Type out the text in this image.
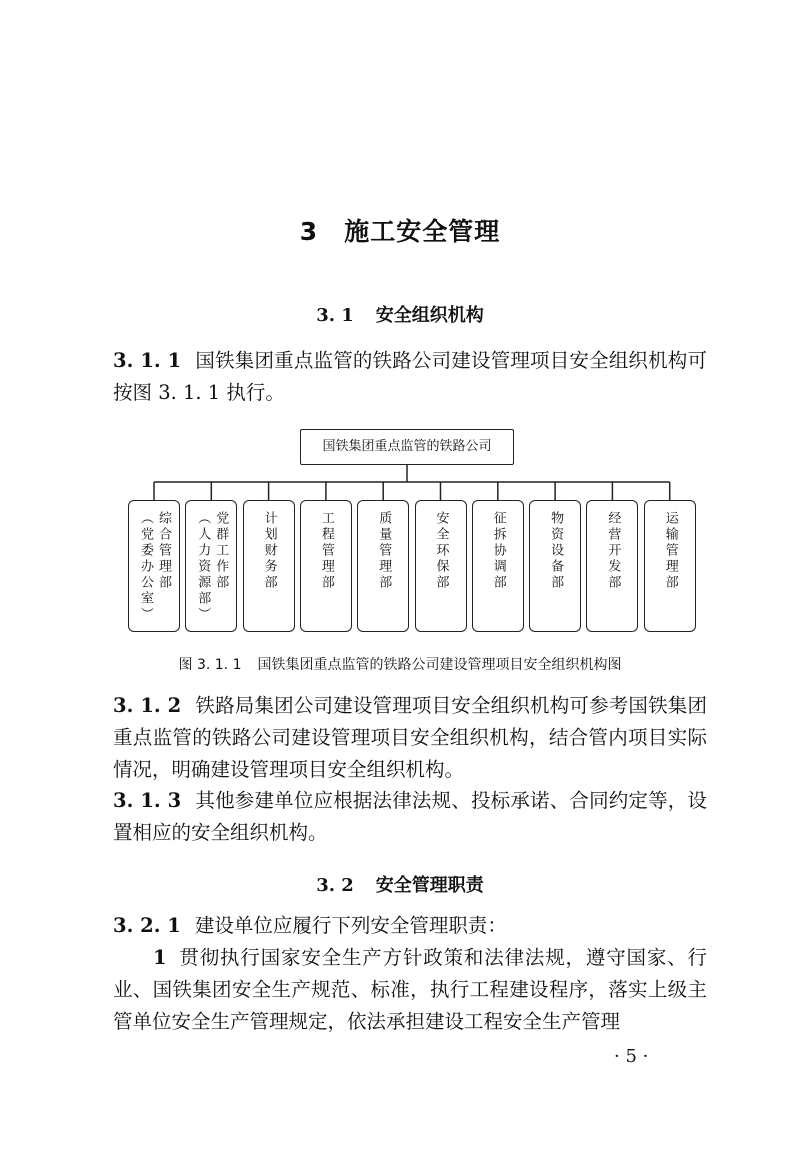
3 施工安全管理
3. 1 安全组织机构
3. 1. 1 国铁集团重点监管的铁路公司建设管理项目安全组织机构可按图 3. 1. 1 执行。
国铁集团重点监管的铁路公司
综合管理部
（党委办公室）	党群工作部
（人力资源部）	计划财务部	工程管理部	质量管理部	安全环保部	征拆协调部	物资设备部	经营开发部	运输管理部
图 3. 1. 1 国铁集团重点监管的铁路公司建设管理项目安全组织机构图
3. 1. 2 铁路局集团公司建设管理项目安全组织机构可参考国铁集团重点监管的铁路公司建设管理项目安全组织机构，结合管内项目实际情况，明确建设管理项目安全组织机构。
3. 1. 3 其他参建单位应根据法律法规、投标承诺、合同约定等，设置相应的安全组织机构。
3. 2 安全管理职责
3. 2. 1 建设单位应履行下列安全管理职责：
1 贯彻执行国家安全生产方针政策和法律法规，遵守国家、行业、国铁集团安全生产规范、标准，执行工程建设程序，落实上级主管单位安全生产管理规定，依法承担建设工程安全生产管理
· 5 ·
